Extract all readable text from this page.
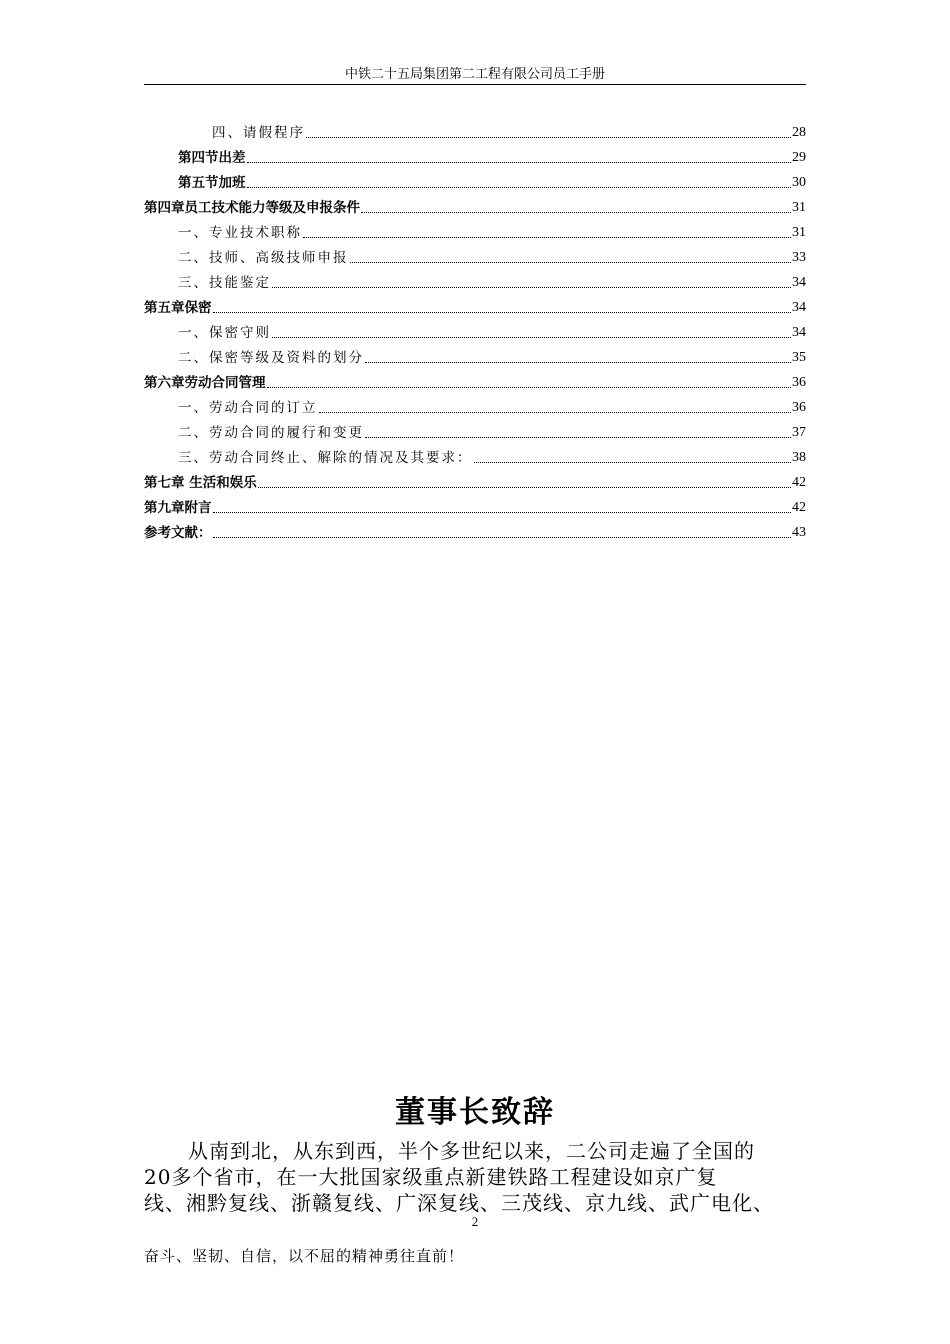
中铁二十五局集团第二工程有限公司员工手册
四、请假程序	28
第四节出差	29
第五节加班	30
第四章员工技术能力等级及申报条件	31
一、专业技术职称	31
二、技师、高级技师申报	33
三、技能鉴定	34
第五章保密	34
一、保密守则	34
二、保密等级及资料的划分	35
第六章劳动合同管理	36
一、劳动合同的订立	36
二、劳动合同的履行和变更	37
三、劳动合同终止、解除的情况及其要求：	38
第七章 生活和娱乐	42
第九章附言	42
参考文献：	43
董事长致辞
从南到北，从东到西，半个多世纪以来，二公司走遍了全国的
20多个省市，在一大批国家级重点新建铁路工程建设如京广复
线、湘黔复线、浙赣复线、广深复线、三茂线、京九线、武广电化、
2
奋斗、坚韧、自信，以不屈的精神勇往直前！
